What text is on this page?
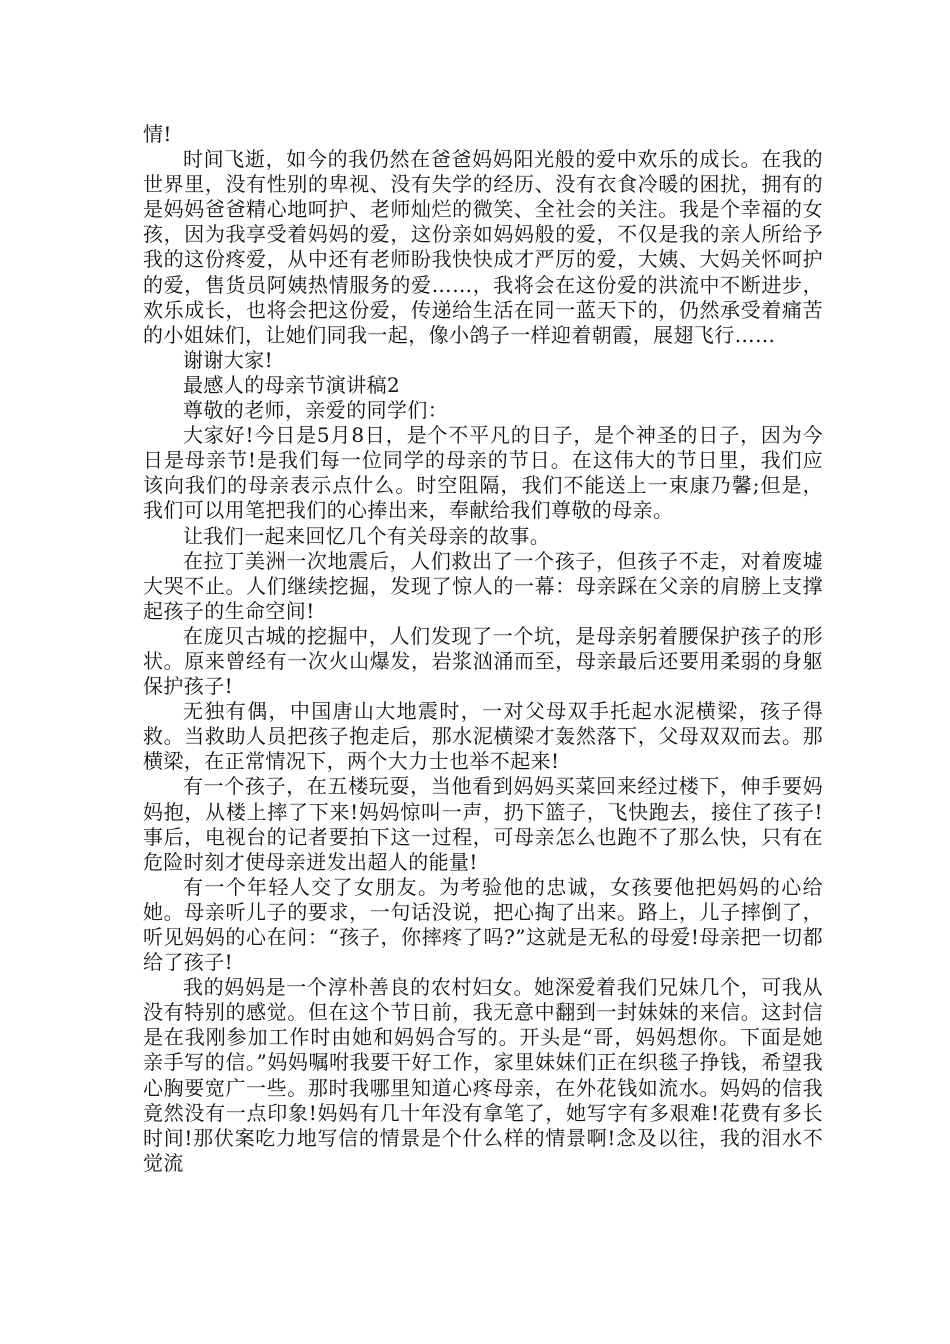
情!

时间飞逝，如今的我仍然在爸爸妈妈阳光般的爱中欢乐的成长。在我的世界里，没有性别的卑视、没有失学的经历、没有衣食冷暖的困扰，拥有的是妈妈爸爸精心地呵护、老师灿烂的微笑、全社会的关注。我是个幸福的女孩，因为我享受着妈妈的爱，这份亲如妈妈般的爱，不仅是我的亲人所给予我的这份疼爱，从中还有老师盼我快快成才严厉的爱，大姨、大妈关怀呵护的爱，售货员阿姨热情服务的爱……，我将会在这份爱的洪流中不断进步，欢乐成长，也将会把这份爱，传递给生活在同一蓝天下的，仍然承受着痛苦的小姐妹们，让她们同我一起，像小鸽子一样迎着朝霞，展翅飞行……

谢谢大家!

最感人的母亲节演讲稿2

尊敬的老师，亲爱的同学们：

大家好!今日是5月8日，是个不平凡的日子，是个神圣的日子，因为今日是母亲节!是我们每一位同学的母亲的节日。在这伟大的节日里，我们应该向我们的母亲表示点什么。时空阻隔，我们不能送上一束康乃馨;但是，我们可以用笔把我们的心捧出来，奉献给我们尊敬的母亲。

让我们一起来回忆几个有关母亲的故事。

在拉丁美洲一次地震后，人们救出了一个孩子，但孩子不走，对着废墟大哭不止。人们继续挖掘，发现了惊人的一幕：母亲踩在父亲的肩膀上支撑起孩子的生命空间!

在庞贝古城的挖掘中，人们发现了一个坑，是母亲躬着腰保护孩子的形状。原来曾经有一次火山爆发，岩浆汹涌而至，母亲最后还要用柔弱的身躯保护孩子!

无独有偶，中国唐山大地震时，一对父母双手托起水泥横梁，孩子得救。当救助人员把孩子抱走后，那水泥横梁才轰然落下，父母双双而去。那横梁，在正常情况下，两个大力士也举不起来!

有一个孩子，在五楼玩耍，当他看到妈妈买菜回来经过楼下，伸手要妈妈抱，从楼上摔了下来!妈妈惊叫一声，扔下篮子，飞快跑去，接住了孩子!事后，电视台的记者要拍下这一过程，可母亲怎么也跑不了那么快，只有在危险时刻才使母亲迸发出超人的能量!

有一个年轻人交了女朋友。为考验他的忠诚，女孩要他把妈妈的心给她。母亲听儿子的要求，一句话没说，把心掏了出来。路上，儿子摔倒了，听见妈妈的心在问：“孩子，你摔疼了吗?”这就是无私的母爱!母亲把一切都给了孩子!

我的妈妈是一个淳朴善良的农村妇女。她深爱着我们兄妹几个，可我从没有特别的感觉。但在这个节日前，我无意中翻到一封妹妹的来信。这封信是在我刚参加工作时由她和妈妈合写的。开头是“哥，妈妈想你。下面是她亲手写的信。”妈妈嘱咐我要干好工作，家里妹妹们正在织毯子挣钱，希望我心胸要宽广一些。那时我哪里知道心疼母亲，在外花钱如流水。妈妈的信我竟然没有一点印象!妈妈有几十年没有拿笔了，她写字有多艰难!花费有多长时间!那伏案吃力地写信的情景是个什么样的情景啊!念及以往，我的泪水不觉流
